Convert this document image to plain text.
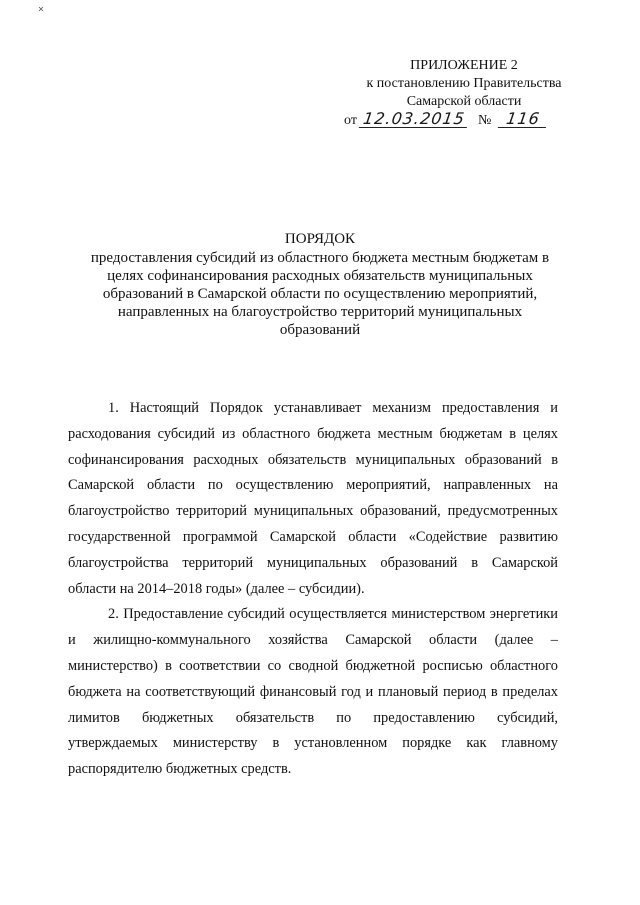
ПРИЛОЖЕНИЕ 2
к постановлению Правительства
Самарской области
от 12.03.2015 № 116
ПОРЯДОК
предоставления субсидий из областного бюджета местным бюджетам в
целях софинансирования расходных обязательств муниципальных
образований в Самарской области по осуществлению мероприятий,
направленных на благоустройство территорий муниципальных
образований

1. Настоящий Порядок устанавливает механизм предоставления и расходования субсидий из областного бюджета местным бюджетам в целях софинансирования расходных обязательств муниципальных образований в Самарской области по осуществлению мероприятий, направленных на благоустройство территорий муниципальных образований, предусмотренных государственной программой Самарской области «Содействие развитию благоустройства территорий муниципальных образований в Самарской области на 2014–2018 годы» (далее – субсидии).

2. Предоставление субсидий осуществляется министерством энергетики и жилищно-коммунального хозяйства Самарской области (далее – министерство) в соответствии со сводной бюджетной росписью областного бюджета на соответствующий финансовый год и плановый период в пределах лимитов бюджетных обязательств по предоставлению субсидий, утверждаемых министерству в установленном порядке как главному распорядителю бюджетных средств.
